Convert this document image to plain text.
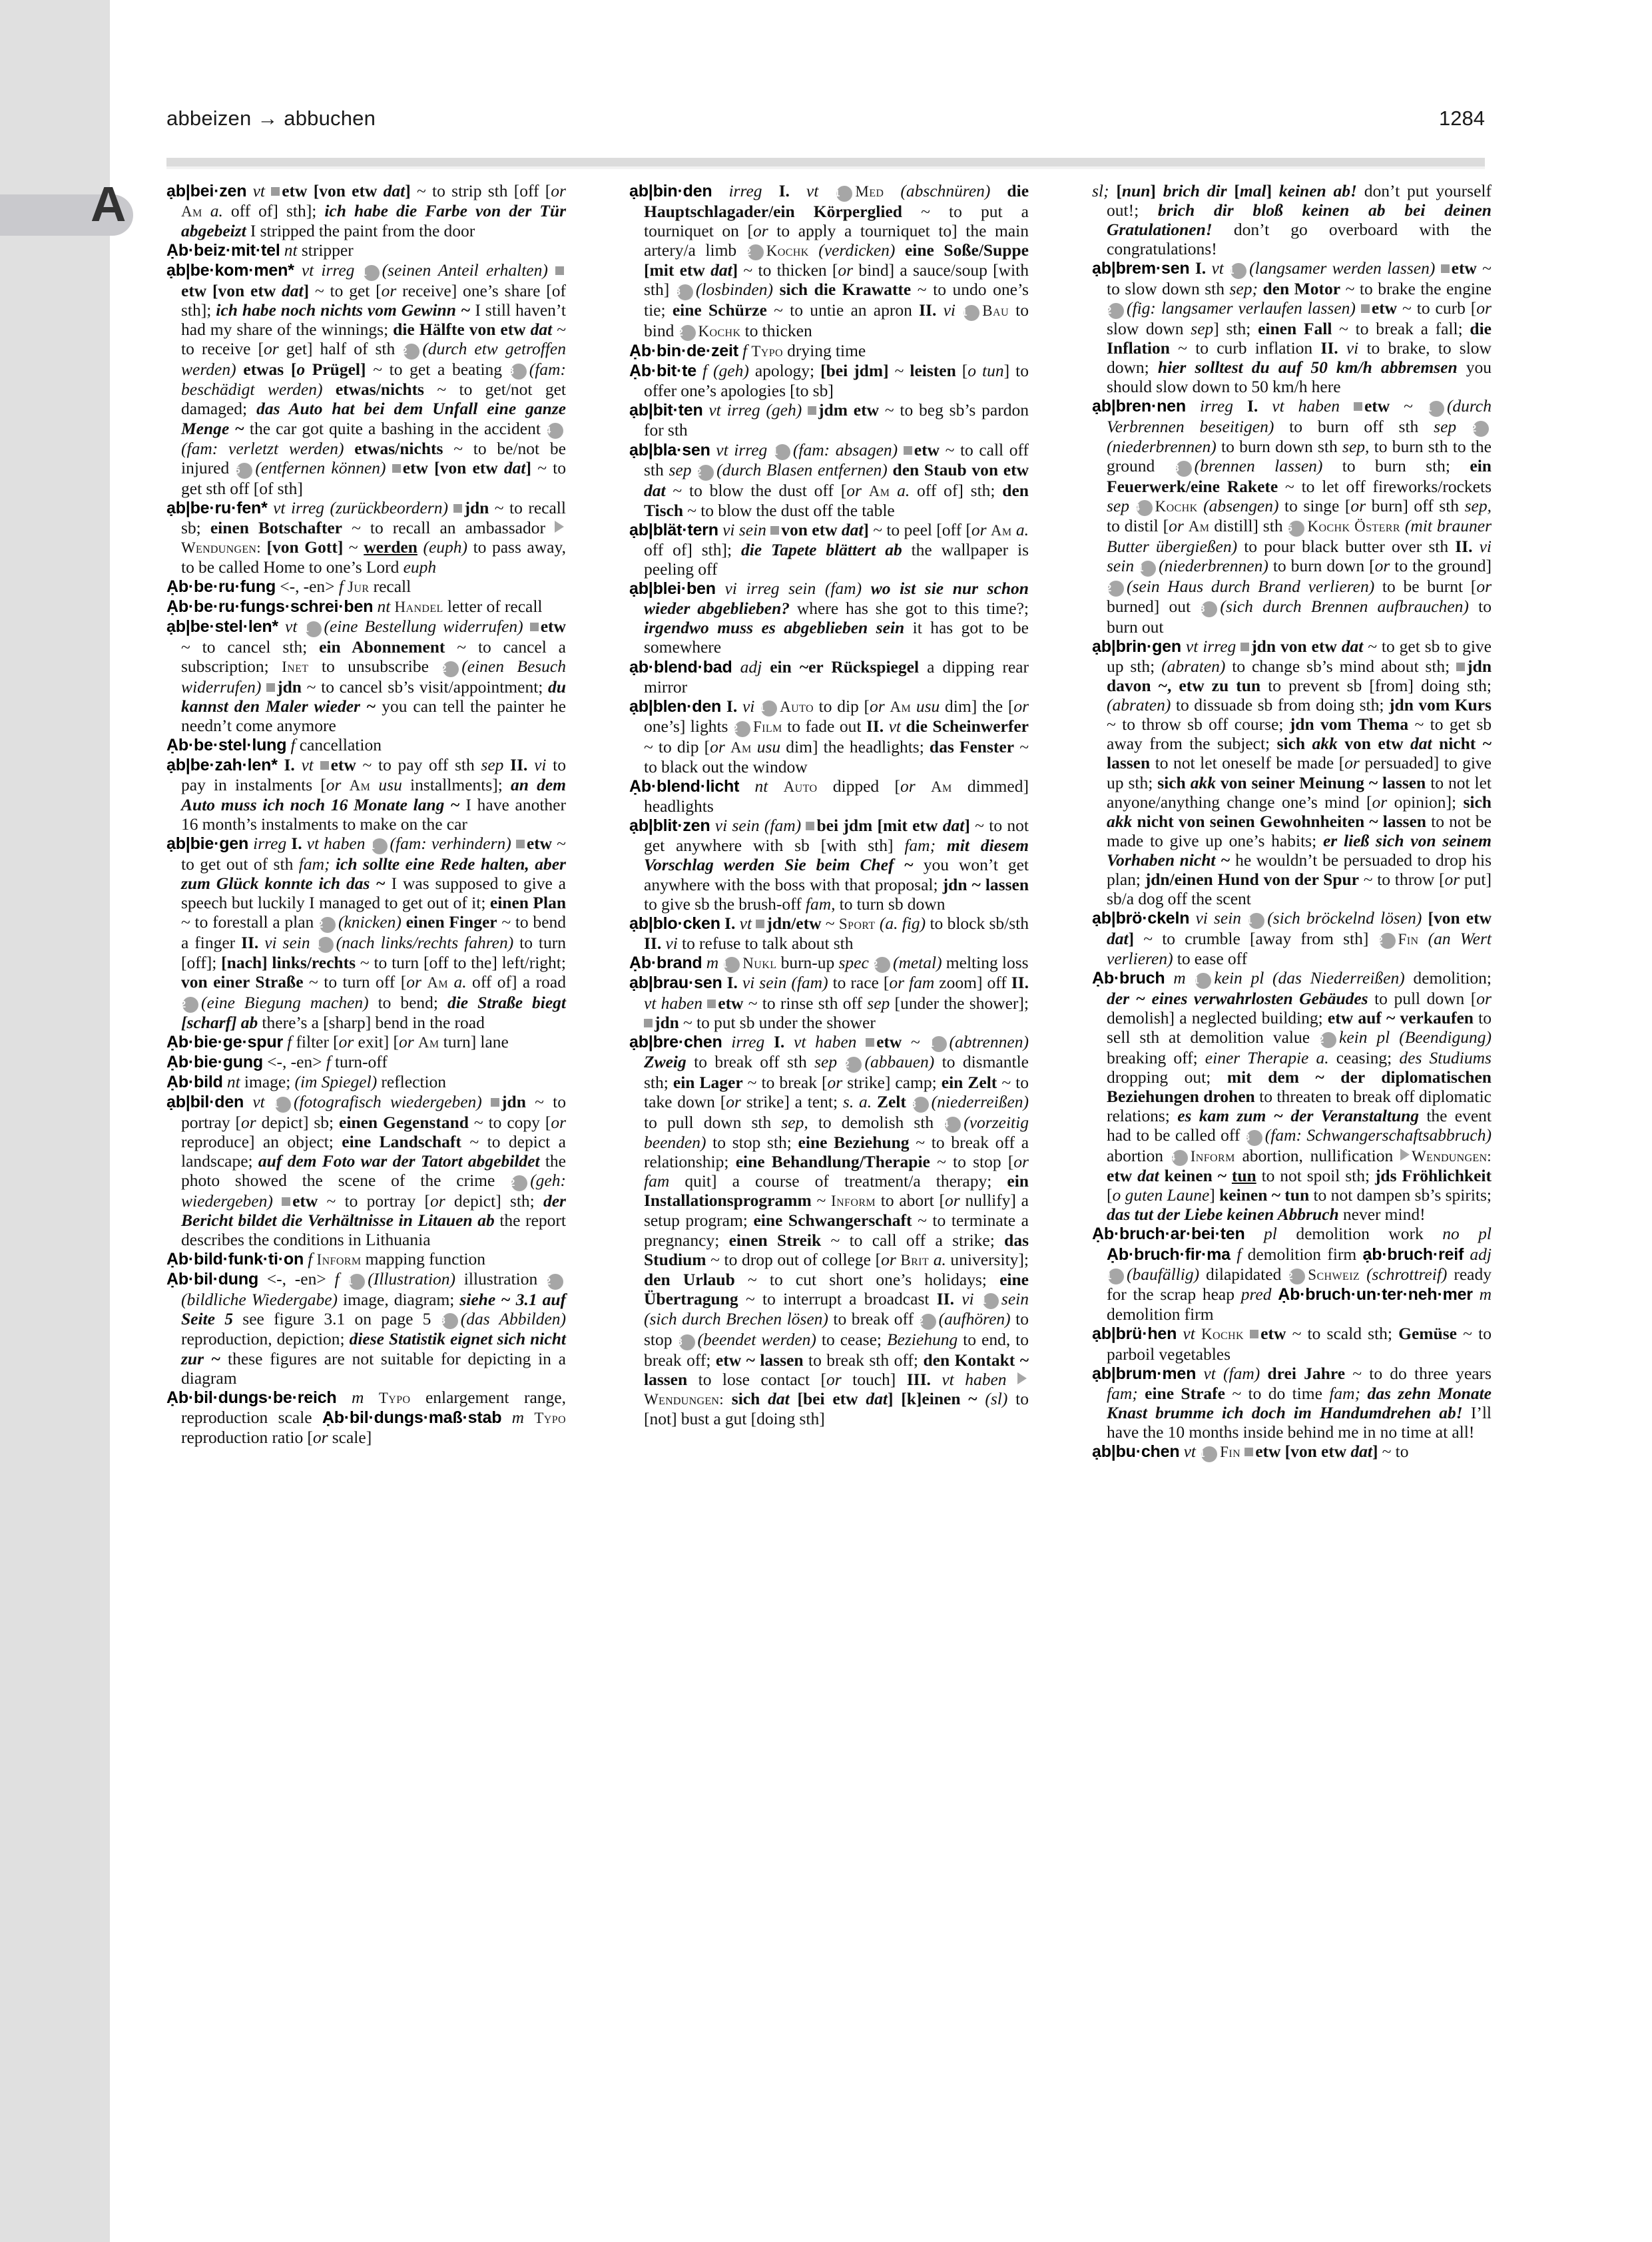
A
abbeizen → abbuchen	1284

ạb|bei·zen vt etw [von etw dat] ~ to strip sth [off [or Am a. off of] sth]; ich habe die Farbe von der Tür abgebeizt I stripped the paint from the door

Ạb·beiz·mit·tel nt stripper

ạb|be·kom·men* vt irreg 1 (seinen Anteil erhalten) etw [von etw dat] ~ to get [or receive] one’s share [of sth]; ich habe noch nichts vom Gewinn ~ I still haven’t had my share of the winnings; die Hälfte von etw dat ~ to receive [or get] half of sth 2 (durch etw getroffen werden) etwas [o Prügel] ~ to get a beating 3 (fam: beschädigt werden) etwas/nichts ~ to get/not get damaged; das Auto hat bei dem Unfall eine ganze Menge ~ the car got quite a bashing in the accident 4(fam: verletzt werden) etwas/nichts ~ to be/not be injured 5 (entfernen können) etw [von etw dat] ~ to get sth off [of sth]

ạb|be·ru·fen* vt irreg (zurückbeordern) jdn ~ to recall sb; einen Botschafter ~ to recall an ambassador Wendungen: [von Gott] ~ werden (euph) to pass away, to be called Home to one’s Lord euph

Ạb·be·ru·fung <-, -en> f Jur recall

Ạb·be·ru·fungs·schrei·ben nt Handel letter of recall

ạb|be·stel·len* vt 1 (eine Bestellung widerrufen) etw ~ to cancel sth; ein Abonnement ~ to cancel a subscription; Inet to unsubscribe 2 (einen Besuch widerrufen) jdn ~ to cancel sb’s visit/appointment; du kannst den Maler wieder ~ you can tell the painter he needn’t come anymore

Ạb·be·stel·lung f cancellation

ạb|be·zah·len* I. vt etw ~ to pay off sth sep II. vi to pay in instalments [or Am usu installments]; an dem Auto muss ich noch 16 Monate lang ~ I have another 16 month’s instalments to make on the car

ạb|bie·gen irreg I. vt haben 1 (fam: verhindern) etw ~ to get out of sth fam; ich sollte eine Rede halten, aber zum Glück konnte ich das ~ I was supposed to give a speech but luckily I managed to get out of it; einen Plan ~ to forestall a plan 2 (knicken) einen Finger ~ to bend a finger II. vi sein 1 (nach links/rechts fahren) to turn [off]; [nach] links/rechts ~ to turn [off to the] left/right; von einer Straße ~ to turn off [or Am a. off of] a road 2 (eine Biegung machen) to bend; die Straße biegt [scharf] ab there’s a [sharp] bend in the road

Ạb·bie·ge·spur f filter [or exit] [or Am turn] lane

Ạb·bie·gung <-, -en> f turn-off

Ạb·bild nt image; (im Spiegel) reflection

ạb|bil·den vt 1 (fotografisch wiedergeben) jdn ~ to portray [or depict] sb; einen Gegenstand ~ to copy [or reproduce] an object; eine Landschaft ~ to depict a landscape; auf dem Foto war der Tatort abgebildet the photo showed the scene of the crime 2 (geh: wiedergeben) etw ~ to portray [or depict] sth; der Bericht bildet die Verhältnisse in Litauen ab the report describes the conditions in Lithuania

Ạb·bild·funk·ti·on f Inform mapping function

Ạb·bil·dung <-, -en> f 1 (Illustration) illustration 2(bildliche Wiedergabe) image, diagram; siehe ~ 3.1 auf Seite 5 see figure 3.1 on page 5 3 (das Abbilden) reproduction, depiction; diese Statistik eignet sich nicht zur ~ these figures are not suitable for depicting in a diagram

Ạb·bil·dungs·be·reich m Typo enlargement range, reproduction scale Ạb·bil·dungs·maß·stab m Typo reproduction ratio [or scale]

ạb|bin·den irreg I. vt 1 Med (abschnüren) die Hauptschlagader/ein Körperglied ~ to put a tourniquet on [or to apply a tourniquet to] the main artery/a limb 2 Kochk (verdicken) eine Soße/Suppe [mit etw dat] ~ to thicken [or bind] a sauce/soup [with sth] 3 (losbinden) sich die Krawatte ~ to undo one’s tie; eine Schürze ~ to untie an apron II. vi 1 Bau to bind 2 Kochk to thicken

Ạb·bin·de·zeit f Typo drying time

Ạb·bit·te f (geh) apology; [bei jdm] ~ leisten [o tun] to offer one’s apologies [to sb]

ạb|bit·ten vt irreg (geh) jdm etw ~ to beg sb’s pardon for sth

ạb|bla·sen vt irreg 1 (fam: absagen) etw ~ to call off sth sep 2 (durch Blasen entfernen) den Staub von etw dat ~ to blow the dust off [or Am a. off of] sth; den Tisch ~ to blow the dust off the table

ạb|blät·tern vi sein von etw dat] ~ to peel [off [or Am a. off of] sth]; die Tapete blättert ab the wallpaper is peeling off

ạb|blei·ben vi irreg sein (fam) wo ist sie nur schon wieder abgeblieben? where has she got to this time?; irgendwo muss es abgeblieben sein it has got to be somewhere

ạb·blend·bad adj ein ~er Rückspiegel a dipping rear mirror

ạb|blen·den I. vi 1 Auto to dip [or Am usu dim] the [or one’s] lights 2 Film to fade out II. vt die Scheinwerfer ~ to dip [or Am usu dim] the headlights; das Fenster ~ to black out the window

Ạb·blend·licht nt Auto dipped [or Am dimmed] headlights

ạb|blit·zen vi sein (fam) bei jdm [mit etw dat] ~ to not get anywhere with sb [with sth] fam; mit diesem Vorschlag werden Sie beim Chef ~ you won’t get anywhere with the boss with that proposal; jdn ~ lassen to give sb the brush-off fam, to turn sb down

ạb|blo·cken I. vt jdn/etw ~ Sport (a. fig) to block sb/sth II. vi to refuse to talk about sth

Ạb·brand m 1 Nukl burn-up spec 2 (metal) melting loss

ạb|brau·sen I. vi sein (fam) to race [or fam zoom] off II. vt haben etw ~ to rinse sth off sep [under the shower]; jdn ~ to put sb under the shower

ạb|bre·chen irreg I. vt haben etw ~ 1 (abtrennen) Zweig to break off sth sep 2 (abbauen) to dismantle sth; ein Lager ~ to break [or strike] camp; ein Zelt ~ to take down [or strike] a tent; s. a. Zelt 3 (niederreißen) to pull down sth sep, to demolish sth 4 (vorzeitig beenden) to stop sth; eine Beziehung ~ to break off a relationship; eine Behandlung/Therapie ~ to stop [or fam quit] a course of treatment/a therapy; ein Installationsprogramm ~ Inform to abort [or nullify] a setup program; eine Schwangerschaft ~ to terminate a pregnancy; einen Streik ~ to call off a strike; das Studium ~ to drop out of college [or Brit a. university]; den Urlaub ~ to cut short one’s holidays; eine Übertragung ~ to interrupt a broadcast II. vi 1 sein (sich durch Brechen lösen) to break off 2 (aufhören) to stop 3 (beendet werden) to cease; Beziehung to end, to break off; etw ~ lassen to break sth off; den Kontakt ~ lassen to lose contact [or touch] III. vt haben Wendungen: sich dat [bei etw dat] [k]einen ~ (sl) to [not] bust a gut [doing sth]

sl; [nun] brich dir [mal] keinen ab! don’t put yourself out!; brich dir bloß keinen ab bei deinen Gratulationen! don’t go overboard with the congratulations!

ạb|brem·sen I. vt 1 (langsamer werden lassen) etw ~ to slow down sth sep; den Motor ~ to brake the engine 2 (fig: langsamer verlaufen lassen) etw ~ to curb [or slow down sep] sth; einen Fall ~ to break a fall; die Inflation ~ to curb inflation II. vi to brake, to slow down; hier solltest du auf 50 km/h abbremsen you should slow down to 50 km/h here

ạb|bren·nen irreg I. vt haben etw ~ 1 (durch Verbrennen beseitigen) to burn off sth sep 2(niederbrennen) to burn down sth sep, to burn sth to the ground 3 (brennen lassen) to burn sth; ein Feuerwerk/eine Rakete ~ to let off fireworks/rockets sep 4 Kochk (absengen) to singe [or burn] off sth sep, to distil [or Am distill] sth 5 Kochk Österr (mit brauner Butter übergießen) to pour black butter over sth II. vi sein 1 (niederbrennen) to burn down [or to the ground] 2 (sein Haus durch Brand verlieren) to be burnt [or burned] out 3 (sich durch Brennen aufbrauchen) to burn out

ạb|brin·gen vt irreg jdn von etw dat ~ to get sb to give up sth; (abraten) to change sb’s mind about sth; jdn davon ~, etw zu tun to prevent sb [from] doing sth; (abraten) to dissuade sb from doing sth; jdn vom Kurs ~ to throw sb off course; jdn vom Thema ~ to get sb away from the subject; sich akk von etw dat nicht ~ lassen to not let oneself be made [or persuaded] to give up sth; sich akk von seiner Meinung ~ lassen to not let anyone/anything change one’s mind [or opinion]; sich akk nicht von seinen Gewohnheiten ~ lassen to not be made to give up one’s habits; er ließ sich von seinem Vorhaben nicht ~ he wouldn’t be persuaded to drop his plan; jdn/einen Hund von der Spur ~ to throw [or put] sb/a dog off the scent

ạb|brö·ckeln vi sein 1 (sich bröckelnd lösen) [von etw dat] ~ to crumble [away from sth] 2 Fin (an Wert verlieren) to ease off

Ạb·bruch m 1 kein pl (das Niederreißen) demolition; der ~ eines verwahrlosten Gebäudes to pull down [or demolish] a neglected building; etw auf ~ verkaufen to sell sth at demolition value 2 kein pl (Beendigung) breaking off; einer Therapie a. ceasing; des Studiums dropping out; mit dem ~ der diplomatischen Beziehungen drohen to threaten to break off diplomatic relations; es kam zum ~ der Veranstaltung the event had to be called off 3 (fam: Schwangerschaftsabbruch) abortion 4 Inform abortion, nullification Wendungen: etw dat keinen ~ tun to not spoil sth; jds Fröhlichkeit [o guten Laune] keinen ~ tun to not dampen sb’s spirits; das tut der Liebe keinen Abbruch never mind!

Ạb·bruch·ar·bei·ten pl demolition work no pl Ạb·bruch·fir·ma f demolition firm ạb·bruch·reif adj 1 (baufällig) dilapidated 2 Schweiz (schrottreif) ready for the scrap heap pred Ạb·bruch·un·ter·neh·mer m demolition firm

ạb|brü·hen vt Kochk etw ~ to scald sth; Gemüse ~ to parboil vegetables

ạb|brum·men vt (fam) drei Jahre ~ to do three years fam; eine Strafe ~ to do time fam; das zehn Monate Knast brumme ich doch im Handumdrehen ab! I’ll have the 10 months inside behind me in no time at all!

ạb|bu·chen vt 1 Fin etw [von etw dat] ~ to
